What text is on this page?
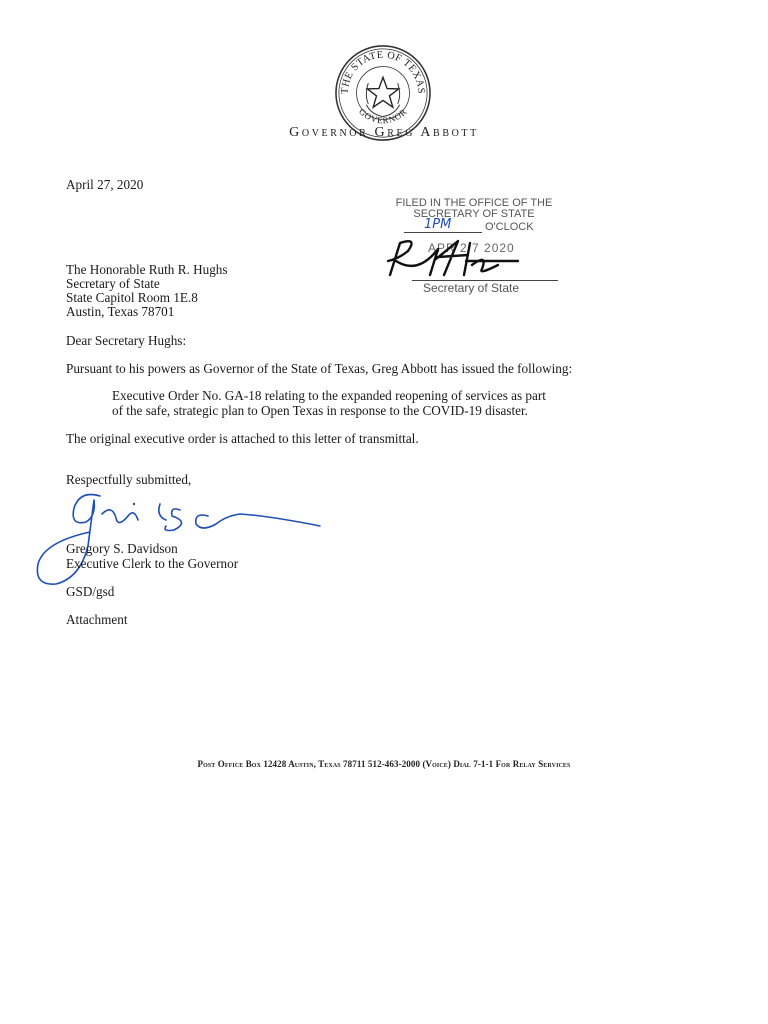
THE STATE OF TEXAS
GOVERNOR
Governor Greg Abbott
April 27, 2020
FILED IN THE OFFICE OF THE
SECRETARY OF STATE
1PM	O'CLOCK
APR 2 7 2020
Secretary of State
The Honorable Ruth R. Hughs
Secretary of State
State Capitol Room 1E.8
Austin, Texas 78701
Dear Secretary Hughs:
Pursuant to his powers as Governor of the State of Texas, Greg Abbott has issued the following:
Executive Order No. GA-18 relating to the expanded reopening of services as part
of the safe, strategic plan to Open Texas in response to the COVID-19 disaster.
The original executive order is attached to this letter of transmittal.
Respectfully submitted,
Gregory S. Davidson
Executive Clerk to the Governor
GSD/gsd
Attachment
Post Office Box 12428 Austin, Texas 78711 512-463-2000 (Voice) Dial 7-1-1 For Relay Services
